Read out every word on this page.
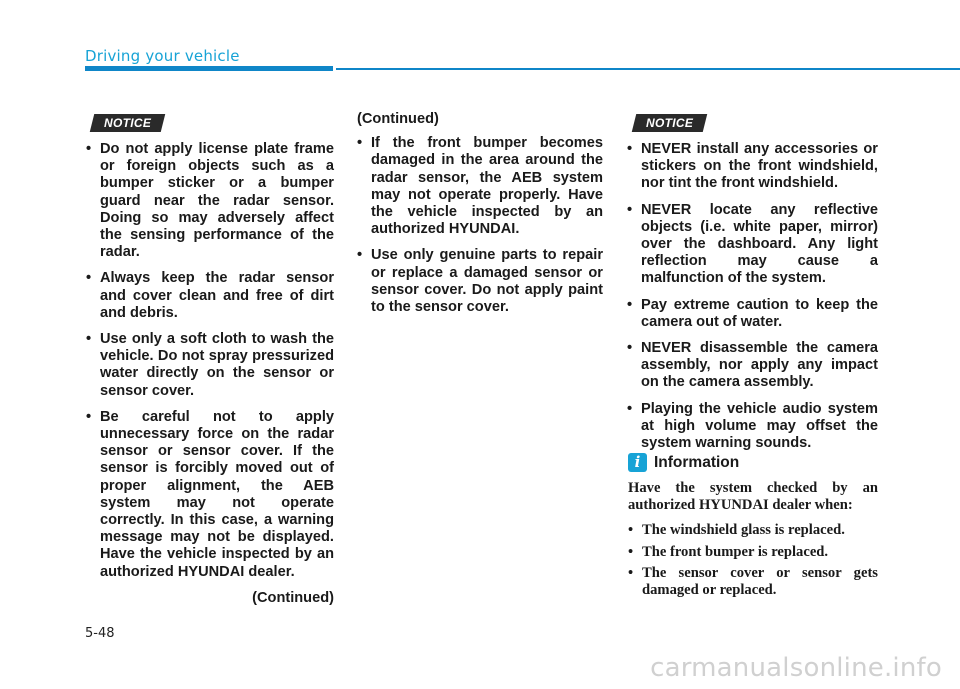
Driving your vehicle
NOTICE
• Do not apply license plate frame or foreign objects such as a bumper sticker or a bumper guard near the radar sensor. Doing so may adversely affect the sensing performance of the radar.
• Always keep the radar sensor and cover clean and free of dirt and debris.
• Use only a soft cloth to wash the vehicle. Do not spray pressurized water directly on the sensor or sensor cover.
• Be careful not to apply unnecessary force on the radar sensor or sensor cover. If the sensor is forcibly moved out of proper alignment, the AEB system may not operate correctly. In this case, a warning message may not be displayed. Have the vehicle inspected by an authorized HYUNDAI dealer.
(Continued)
(Continued)
• If the front bumper becomes damaged in the area around the radar sensor, the AEB system may not operate properly. Have the vehicle inspected by an authorized HYUNDAI.
• Use only genuine parts to repair or replace a damaged sensor or sensor cover. Do not apply paint to the sensor cover.
NOTICE
• NEVER install any accessories or stickers on the front windshield, nor tint the front windshield.
• NEVER locate any reflective objects (i.e. white paper, mirror) over the dashboard. Any light reflection may cause a malfunction of the system.
• Pay extreme caution to keep the camera out of water.
• NEVER disassemble the camera assembly, nor apply any impact on the camera assembly.
• Playing the vehicle audio system at high volume may offset the system warning sounds.
i Information

Have the system checked by an authorized HYUNDAI dealer when:

• The windshield glass is replaced.
• The front bumper is replaced.
• The sensor cover or sensor gets damaged or replaced.
5-48
carmanualsonline.info
